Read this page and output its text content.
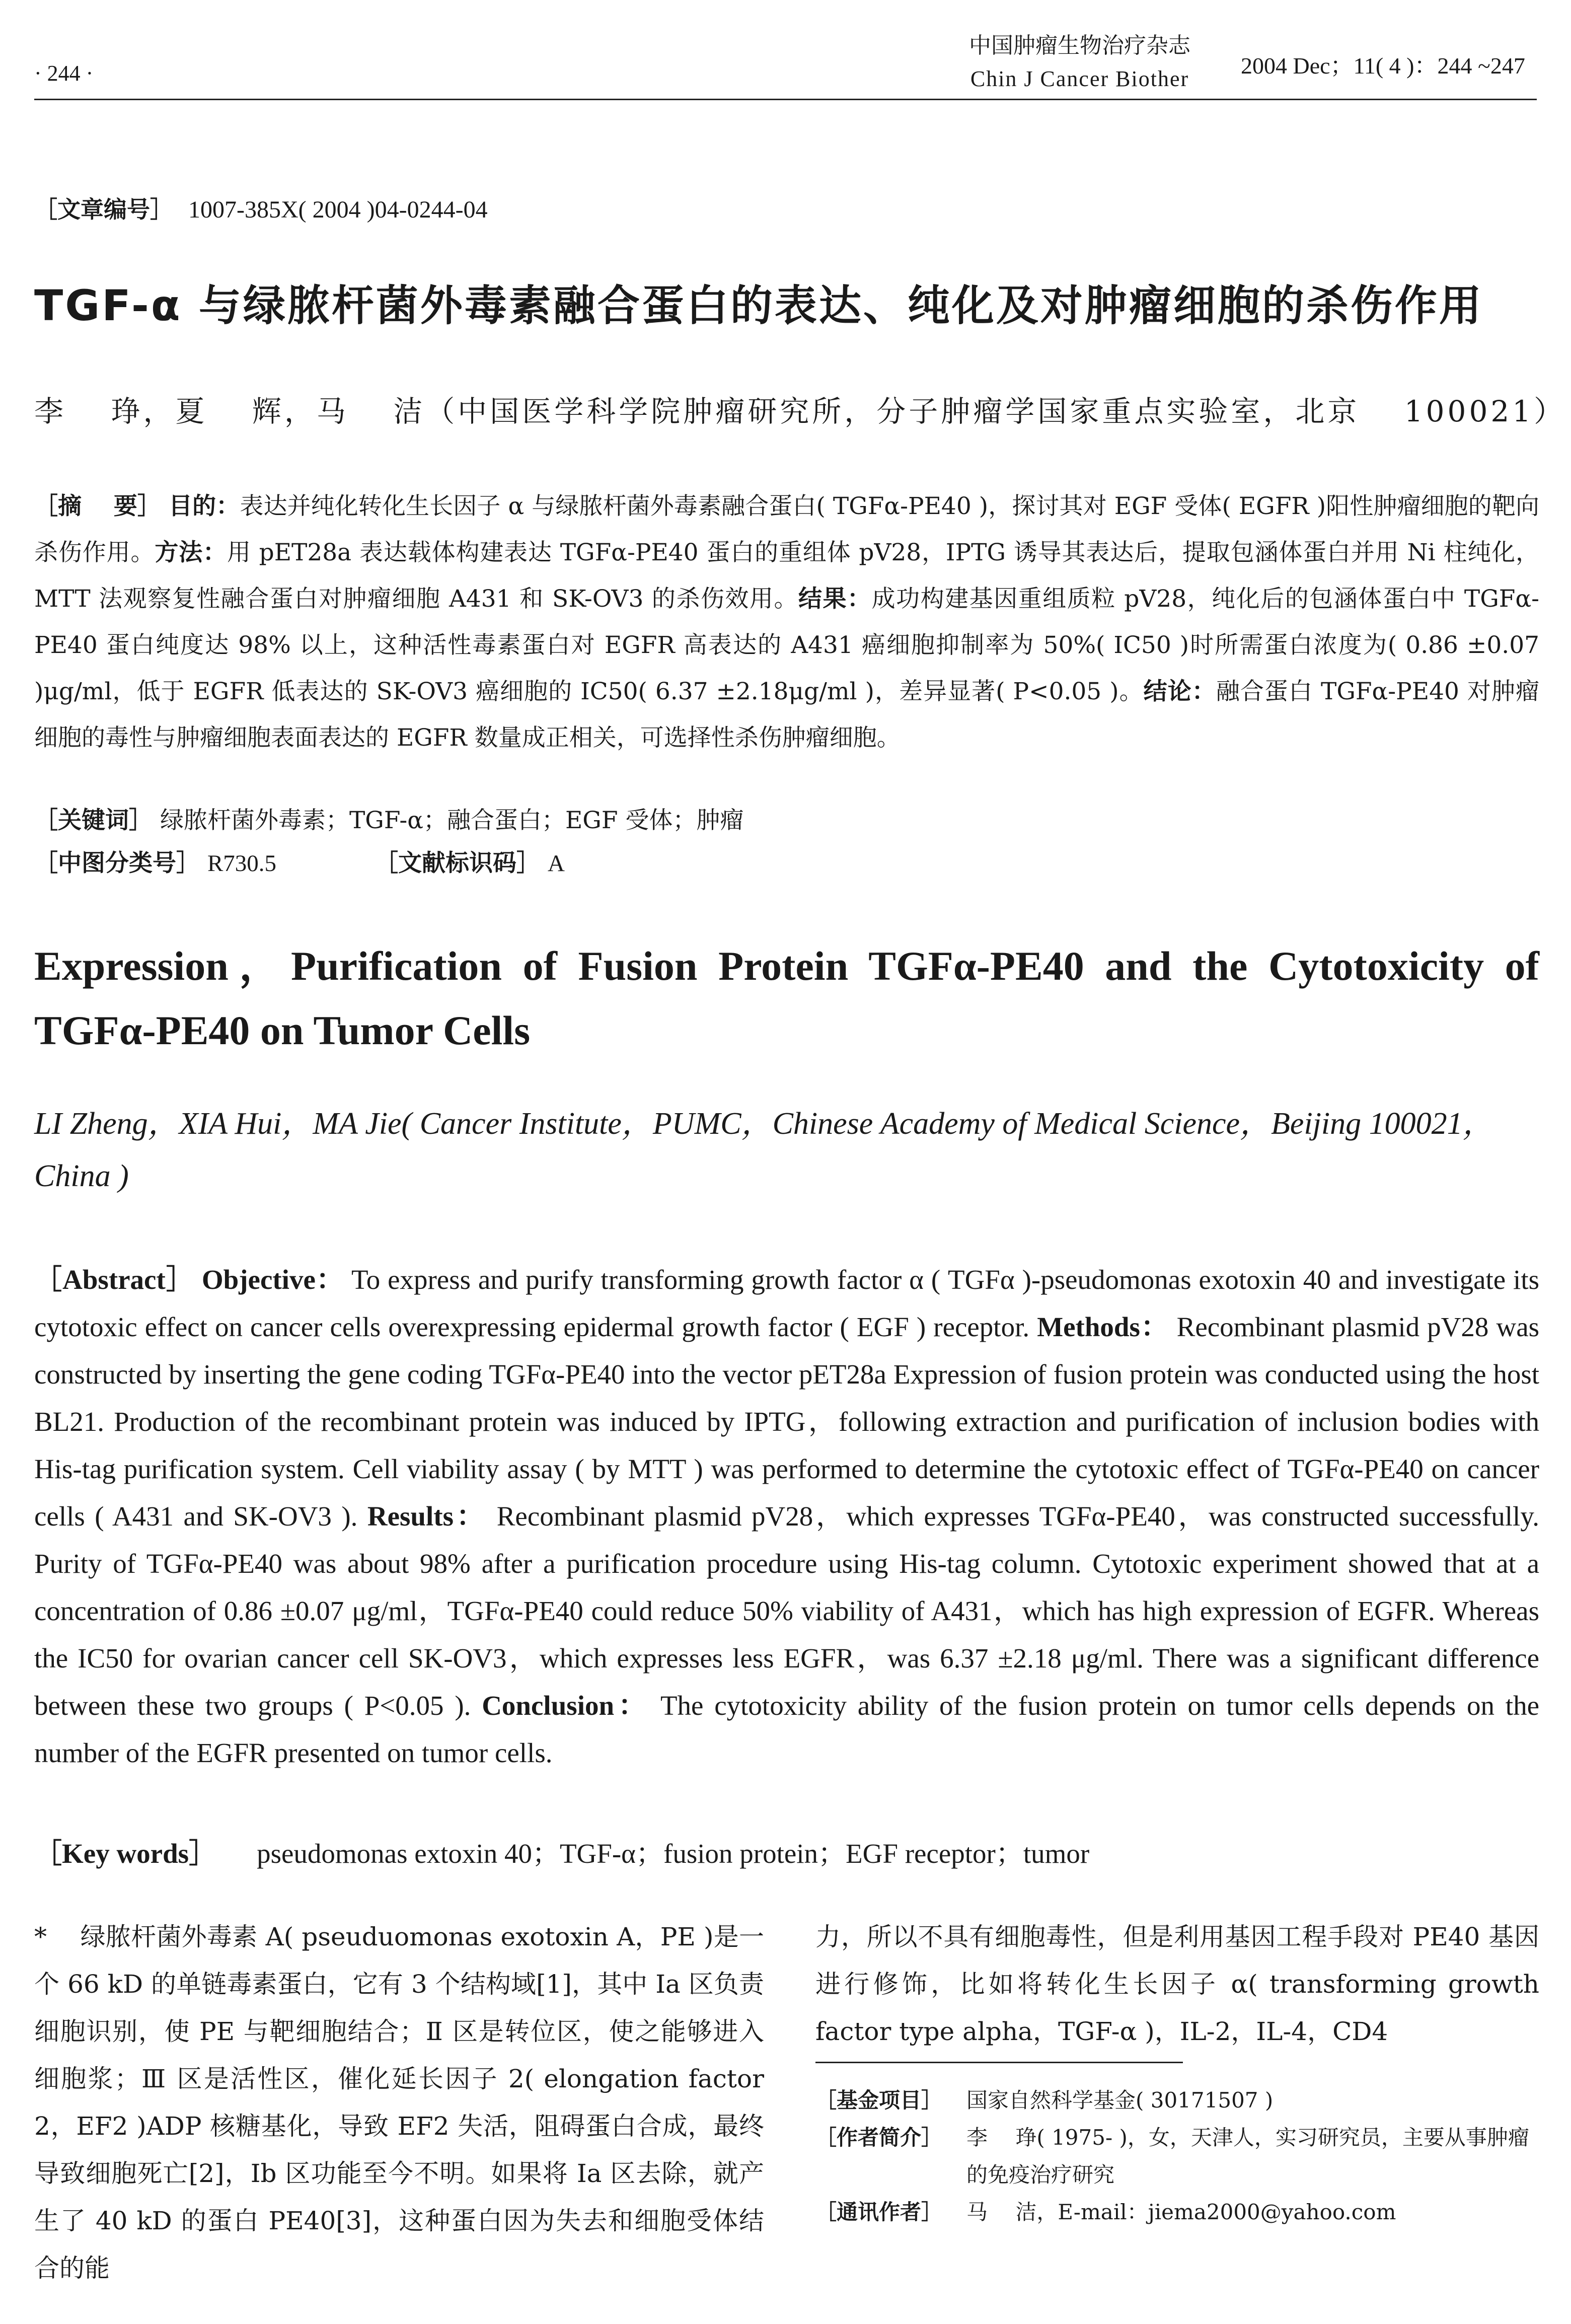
· 244 ·
中国肿瘤生物治疗杂志
Chin J Cancer Biother
2004 Dec；11( 4 )：244 ~247
［文章编号］ 1007-385X( 2004 )04-0244-04
TGF-α 与绿脓杆菌外毒素融合蛋白的表达、纯化及对肿瘤细胞的杀伤作用
李　 琤，夏　 辉，马　 洁（中国医学科学院肿瘤研究所，分子肿瘤学国家重点实验室，北京　 100021）
［摘　 要］ 目的：表达并纯化转化生长因子 α 与绿脓杆菌外毒素融合蛋白( TGFα-PE40 )，探讨其对 EGF 受体( EGFR )阳性肿瘤细胞的靶向杀伤作用。方法：用 pET28a 表达载体构建表达 TGFα-PE40 蛋白的重组体 pV28，IPTG 诱导其表达后，提取包涵体蛋白并用 Ni 柱纯化，MTT 法观察复性融合蛋白对肿瘤细胞 A431 和 SK-OV3 的杀伤效用。结果：成功构建基因重组质粒 pV28，纯化后的包涵体蛋白中 TGFα-PE40 蛋白纯度达 98% 以上，这种活性毒素蛋白对 EGFR 高表达的 A431 癌细胞抑制率为 50%( IC50 )时所需蛋白浓度为( 0.86 ±0.07 )μg/ml，低于 EGFR 低表达的 SK-OV3 癌细胞的 IC50( 6.37 ±2.18μg/ml )，差异显著( P<0.05 )。结论：融合蛋白 TGFα-PE40 对肿瘤细胞的毒性与肿瘤细胞表面表达的 EGFR 数量成正相关，可选择性杀伤肿瘤细胞。
［关键词］ 绿脓杆菌外毒素；TGF-α；融合蛋白；EGF 受体；肿瘤
［中图分类号］ R730.5	［文献标识码］ A
Expression，Purification of Fusion Protein TGFα-PE40 and the Cytotoxicity of TGFα-PE40 on Tumor Cells
LI Zheng，XIA Hui，MA Jie( Cancer Institute，PUMC，Chinese Academy of Medical Science，Beijing 100021，China )
［Abstract］ Objective： To express and purify transforming growth factor α ( TGFα )-pseudomonas exotoxin 40 and investigate its cytotoxic effect on cancer cells overexpressing epidermal growth factor ( EGF ) receptor. Methods： Recombinant plasmid pV28 was constructed by inserting the gene coding TGFα-PE40 into the vector pET28a Expression of fusion protein was conducted using the host BL21. Production of the recombinant protein was induced by IPTG，following extraction and purification of inclusion bodies with His-tag purification system. Cell viability assay ( by MTT ) was performed to determine the cytotoxic effect of TGFα-PE40 on cancer cells ( A431 and SK-OV3 ). Results： Recombinant plasmid pV28，which expresses TGFα-PE40，was constructed successfully. Purity of TGFα-PE40 was about 98% after a purification procedure using His-tag column. Cytotoxic experiment showed that at a concentration of 0.86 ±0.07 μg/ml，TGFα-PE40 could reduce 50% viability of A431，which has high expression of EGFR. Whereas the IC50 for ovarian cancer cell SK-OV3，which expresses less EGFR，was 6.37 ±2.18 μg/ml. There was a significant difference between these two groups ( P<0.05 ). Conclusion： The cytotoxicity ability of the fusion protein on tumor cells depends on the number of the EGFR presented on tumor cells.
［Key words］ pseudomonas extoxin 40；TGF-α；fusion protein；EGF receptor；tumor
*　 绿脓杆菌外毒素 A( pseuduomonas exotoxin A，PE )是一个 66 kD 的单链毒素蛋白，它有 3 个结构域[1]，其中 Ia 区负责细胞识别，使 PE 与靶细胞结合；Ⅱ 区是转位区，使之能够进入细胞浆；Ⅲ 区是活性区，催化延长因子 2( elongation factor 2，EF2 )ADP 核糖基化，导致 EF2 失活，阻碍蛋白合成，最终导致细胞死亡[2]，Ib 区功能至今不明。如果将 Ia 区去除，就产生了 40 kD 的蛋白 PE40[3]，这种蛋白因为失去和细胞受体结合的能
力，所以不具有细胞毒性，但是利用基因工程手段对 PE40 基因进行修饰，比如将转化生长因子 α( transforming growth factor type alpha，TGF-α )，IL-2，IL-4，CD4
［基金项目］	国家自然科学基金( 30171507 )
［作者简介］	李　 琤( 1975- )，女，天津人，实习研究员，主要从事肿瘤的免疫治疗研究
［通讯作者］	马　 洁，E-mail：jiema2000@yahoo.com
